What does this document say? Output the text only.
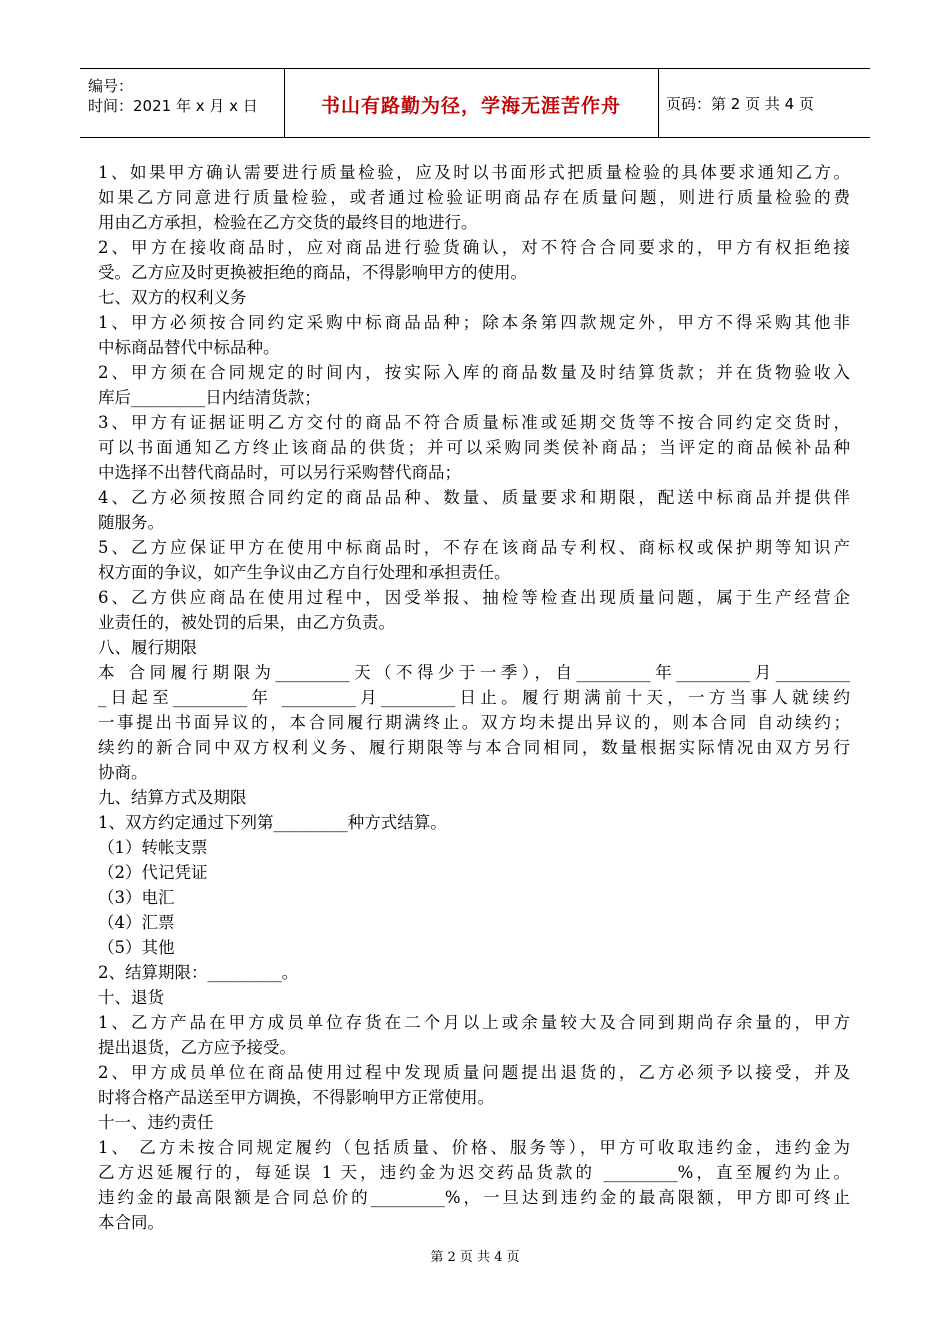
编号：
时间：2021 年 x 月 x 日	书山有路勤为径，学海无涯苦作舟	页码：第 2 页 共 4 页
1、如果甲方确认需要进行质量检验，应及时以书面形式把质量检验的具体要求通知乙方。
如果乙方同意进行质量检验，或者通过检验证明商品存在质量问题，则进行质量检验的费
用由乙方承担，检验在乙方交货的最终目的地进行。
2、甲方在接收商品时，应对商品进行验货确认，对不符合合同要求的，甲方有权拒绝接
受。乙方应及时更换被拒绝的商品，不得影响甲方的使用。
七、双方的权利义务
1、甲方必须按合同约定采购中标商品品种；除本条第四款规定外，甲方不得采购其他非
中标商品替代中标品种。
2、甲方须在合同规定的时间内，按实际入库的商品数量及时结算货款；并在货物验收入
库后_________日内结清货款；
3、甲方有证据证明乙方交付的商品不符合质量标准或延期交货等不按合同约定交货时，
可以书面通知乙方终止该商品的供货；并可以采购同类侯补商品；当评定的商品候补品种
中选择不出替代商品时，可以另行采购替代商品；
4、乙方必须按照合同约定的商品品种、数量、质量要求和期限，配送中标商品并提供伴
随服务。
5、乙方应保证甲方在使用中标商品时，不存在该商品专利权、商标权或保护期等知识产
权方面的争议，如产生争议由乙方自行处理和承担责任。
6、乙方供应商品在使用过程中，因受举报、抽检等检查出现质量问题，属于生产经营企
业责任的，被处罚的后果，由乙方负责。
八、履行期限
本 合同履行期限为_________天（不得少于一季），自_________年_________月_________
_日起至_________年 _________月_________日止。履行期满前十天，一方当事人就续约
一事提出书面异议的，本合同履行期满终止。双方均未提出异议的，则本合同 自动续约；
续约的新合同中双方权利义务、履行期限等与本合同相同，数量根据实际情况由双方另行
协商。
九、结算方式及期限
1、双方约定通过下列第_________种方式结算。
（1）转帐支票
（2）代记凭证
（3）电汇
（4）汇票
（5）其他
2、结算期限：_________。
十、退货
1、乙方产品在甲方成员单位存货在二个月以上或余量较大及合同到期尚存余量的，甲方
提出退货，乙方应予接受。
2、甲方成员单位在商品使用过程中发现质量问题提出退货的，乙方必须予以接受，并及
时将合格产品送至甲方调换，不得影响甲方正常使用。
十一、违约责任
1、 乙方未按合同规定履约（包括质量、价格、服务等），甲方可收取违约金，违约金为
乙方迟延履行的，每延误 1 天，违约金为迟交药品货款的 _________%，直至履约为止。
违约金的最高限额是合同总价的_________%，一旦达到违约金的最高限额，甲方即可终止
本合同。
第 2 页 共 4 页
